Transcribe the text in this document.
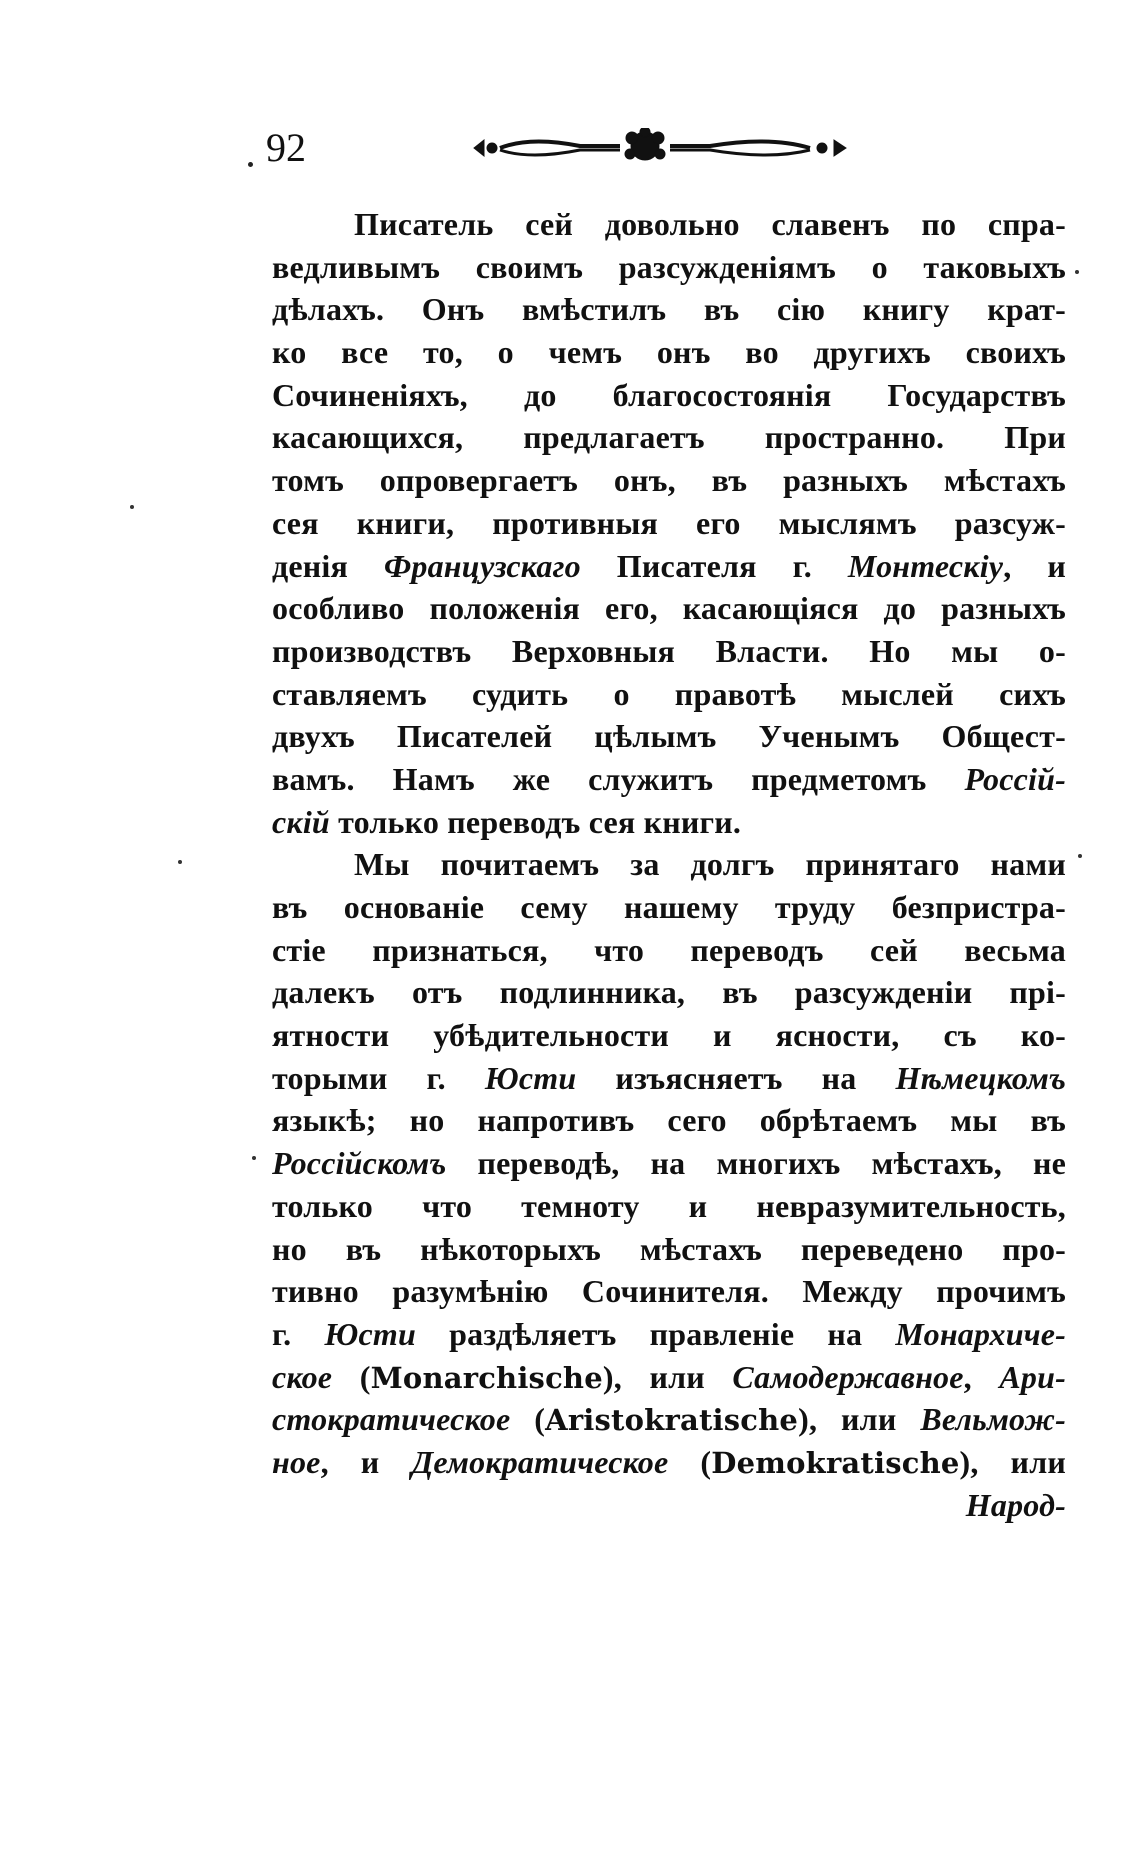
92
Писатель сей довольно славенъ по спра-
ведливымъ своимъ разсужденiямъ о таковыхъ
дѣлахъ. Онъ вмѣстилъ въ сiю книгу крат-
ко все то, о чемъ онъ во другихъ своихъ
Сочиненiяхъ, до благосостоянiя Государствъ
касающихся, предлагаетъ пространно. При
томъ опровергаетъ онъ, въ разныхъ мѣстахъ
сея книги, противныя его мыслямъ разсуж-
денiя Французскаго Писателя г. Монтескiу, и
особливо положенiя его, касающiяся до разныхъ
производствъ Верховныя Власти. Но мы о-
ставляемъ судить о правотѣ мыслей сихъ
двухъ Писателей цѣлымъ Ученымъ Общест-
вамъ. Намъ же служитъ предметомъ Россiй-
скiй только переводъ сея книги.
Мы почитаемъ за долгъ принятаго нами
въ основанiе сему нашему труду безпристра-
стiе признаться, что переводъ сей весьма
далекъ отъ подлинника, въ разсужденiи прi-
ятности убѣдительности и ясности, съ ко-
торыми г. Юсти изъясняетъ на Нѣмецкомъ
языкѣ; но напротивъ сего обрѣтаемъ мы въ
Россiйскомъ переводѣ, на многихъ мѣстахъ, не
только что темноту и невразумительность,
но въ нѣкоторыхъ мѣстахъ переведено про-
тивно разумѣнiю Сочинителя. Между прочимъ
г. Юсти раздѣляетъ правленiе на Монархиче-
ское (Monarchische), или Самодержавное, Ари-
стократическое (Aristokratische), или Вельмож-
ное, и Демократическое (Demokratische), или
Народ-
